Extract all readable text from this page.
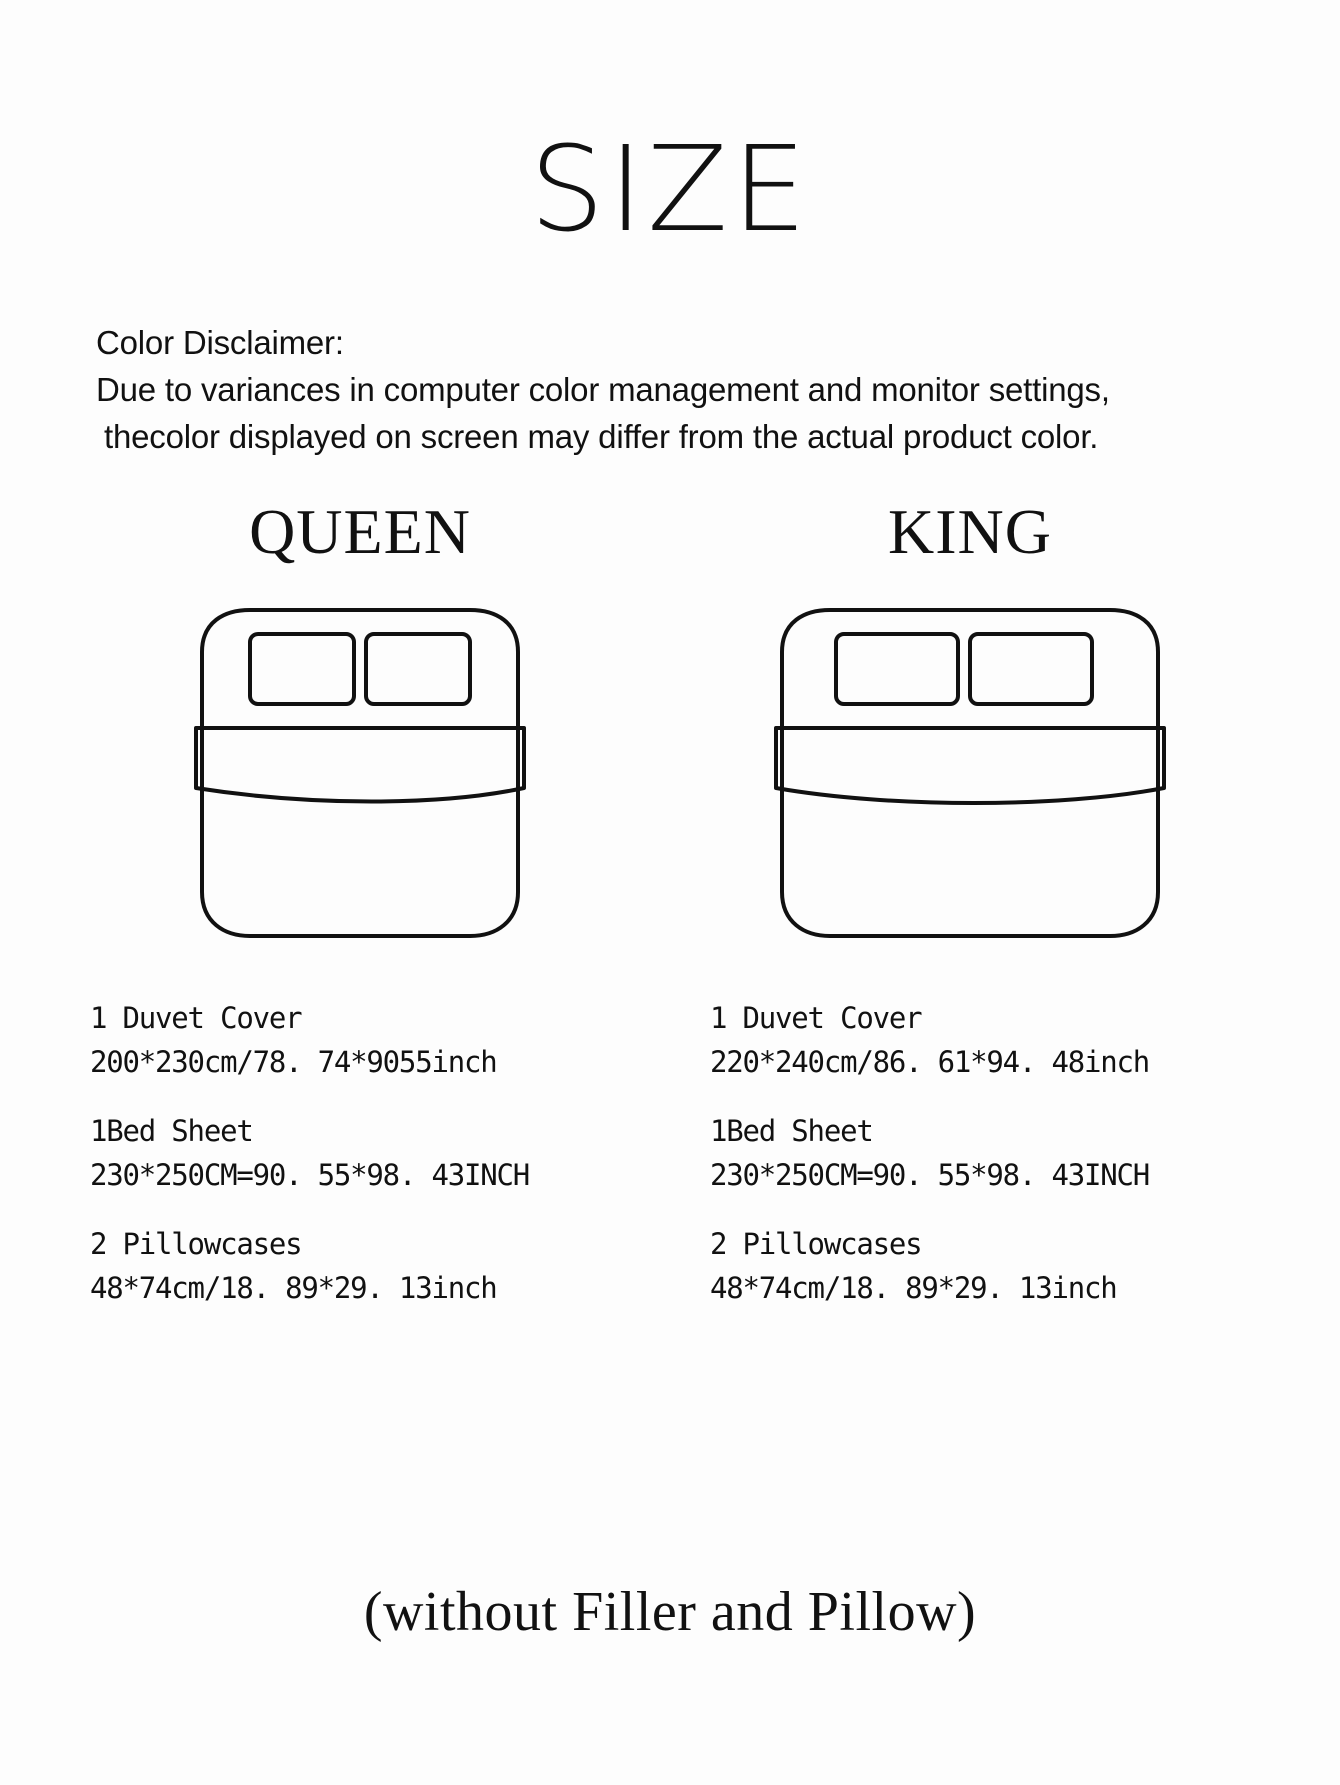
SIZE
Color Disclaimer:
Due to variances in computer color management and monitor settings,
thecolor displayed on screen may differ from the actual product color.
QUEEN
1 Duvet Cover
200*230cm/78. 74*9055inch
1Bed Sheet
230*250CM=90. 55*98. 43INCH
2 Pillowcases
48*74cm/18. 89*29. 13inch
KING
1 Duvet Cover
220*240cm/86. 61*94. 48inch
1Bed Sheet
230*250CM=90. 55*98. 43INCH
2 Pillowcases
48*74cm/18. 89*29. 13inch
(without Filler and Pillow)
